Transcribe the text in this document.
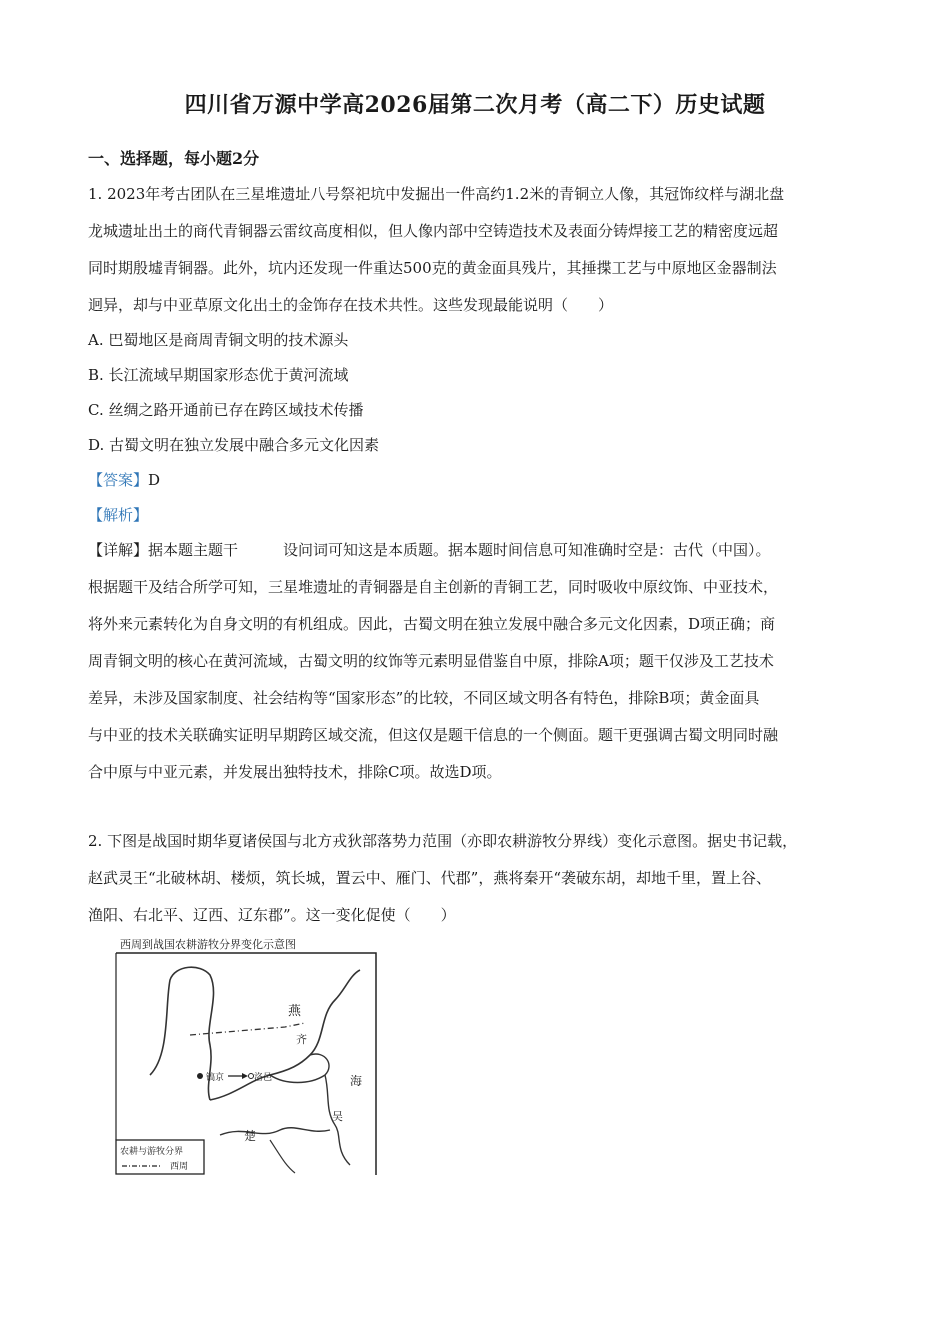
四川省万源中学高2026届第二次月考（高二下）历史试题
一、选择题，每小题2分
1. 2023年考古团队在三星堆遗址八号祭祀坑中发掘出一件高约1.2米的青铜立人像，其冠饰纹样与湖北盘
龙城遗址出土的商代青铜器云雷纹高度相似，但人像内部中空铸造技术及表面分铸焊接工艺的精密度远超
同时期殷墟青铜器。此外，坑内还发现一件重达500克的黄金面具残片，其捶揲工艺与中原地区金器制法
迥异，却与中亚草原文化出土的金饰存在技术共性。这些发现最能说明（　　）
A. 巴蜀地区是商周青铜文明的技术源头
B. 长江流域早期国家形态优于黄河流域
C. 丝绸之路开通前已存在跨区域技术传播
D. 古蜀文明在独立发展中融合多元文化因素
【答案】D
【解析】
【详解】据本题主题干　　　设问词可知这是本质题。据本题时间信息可知准确时空是：古代（中国）。
根据题干及结合所学可知，三星堆遗址的青铜器是自主创新的青铜工艺，同时吸收中原纹饰、中亚技术，
将外来元素转化为自身文明的有机组成。因此，古蜀文明在独立发展中融合多元文化因素，D项正确；商
周青铜文明的核心在黄河流域，古蜀文明的纹饰等元素明显借鉴自中原，排除A项；题干仅涉及工艺技术
差异，未涉及国家制度、社会结构等“国家形态”的比较，不同区域文明各有特色，排除B项；黄金面具
与中亚的技术关联确实证明早期跨区域交流，但这仅是题干信息的一个侧面。题干更强调古蜀文明同时融
合中原与中亚元素，并发展出独特技术，排除C项。故选D项。
2. 下图是战国时期华夏诸侯国与北方戎狄部落势力范围（亦即农耕游牧分界线）变化示意图。据史书记载，
赵武灵王“北破林胡、楼烦，筑长城，置云中、雁门、代郡”，燕将秦开“袭破东胡，却地千里，置上谷、
渔阳、右北平、辽西、辽东郡”。这一变化促使（　　）
西周到战国农耕游牧分界变化示意图
镐京	洛邑
燕
齐
海
楚
吴
农耕与游牧分界
西周
